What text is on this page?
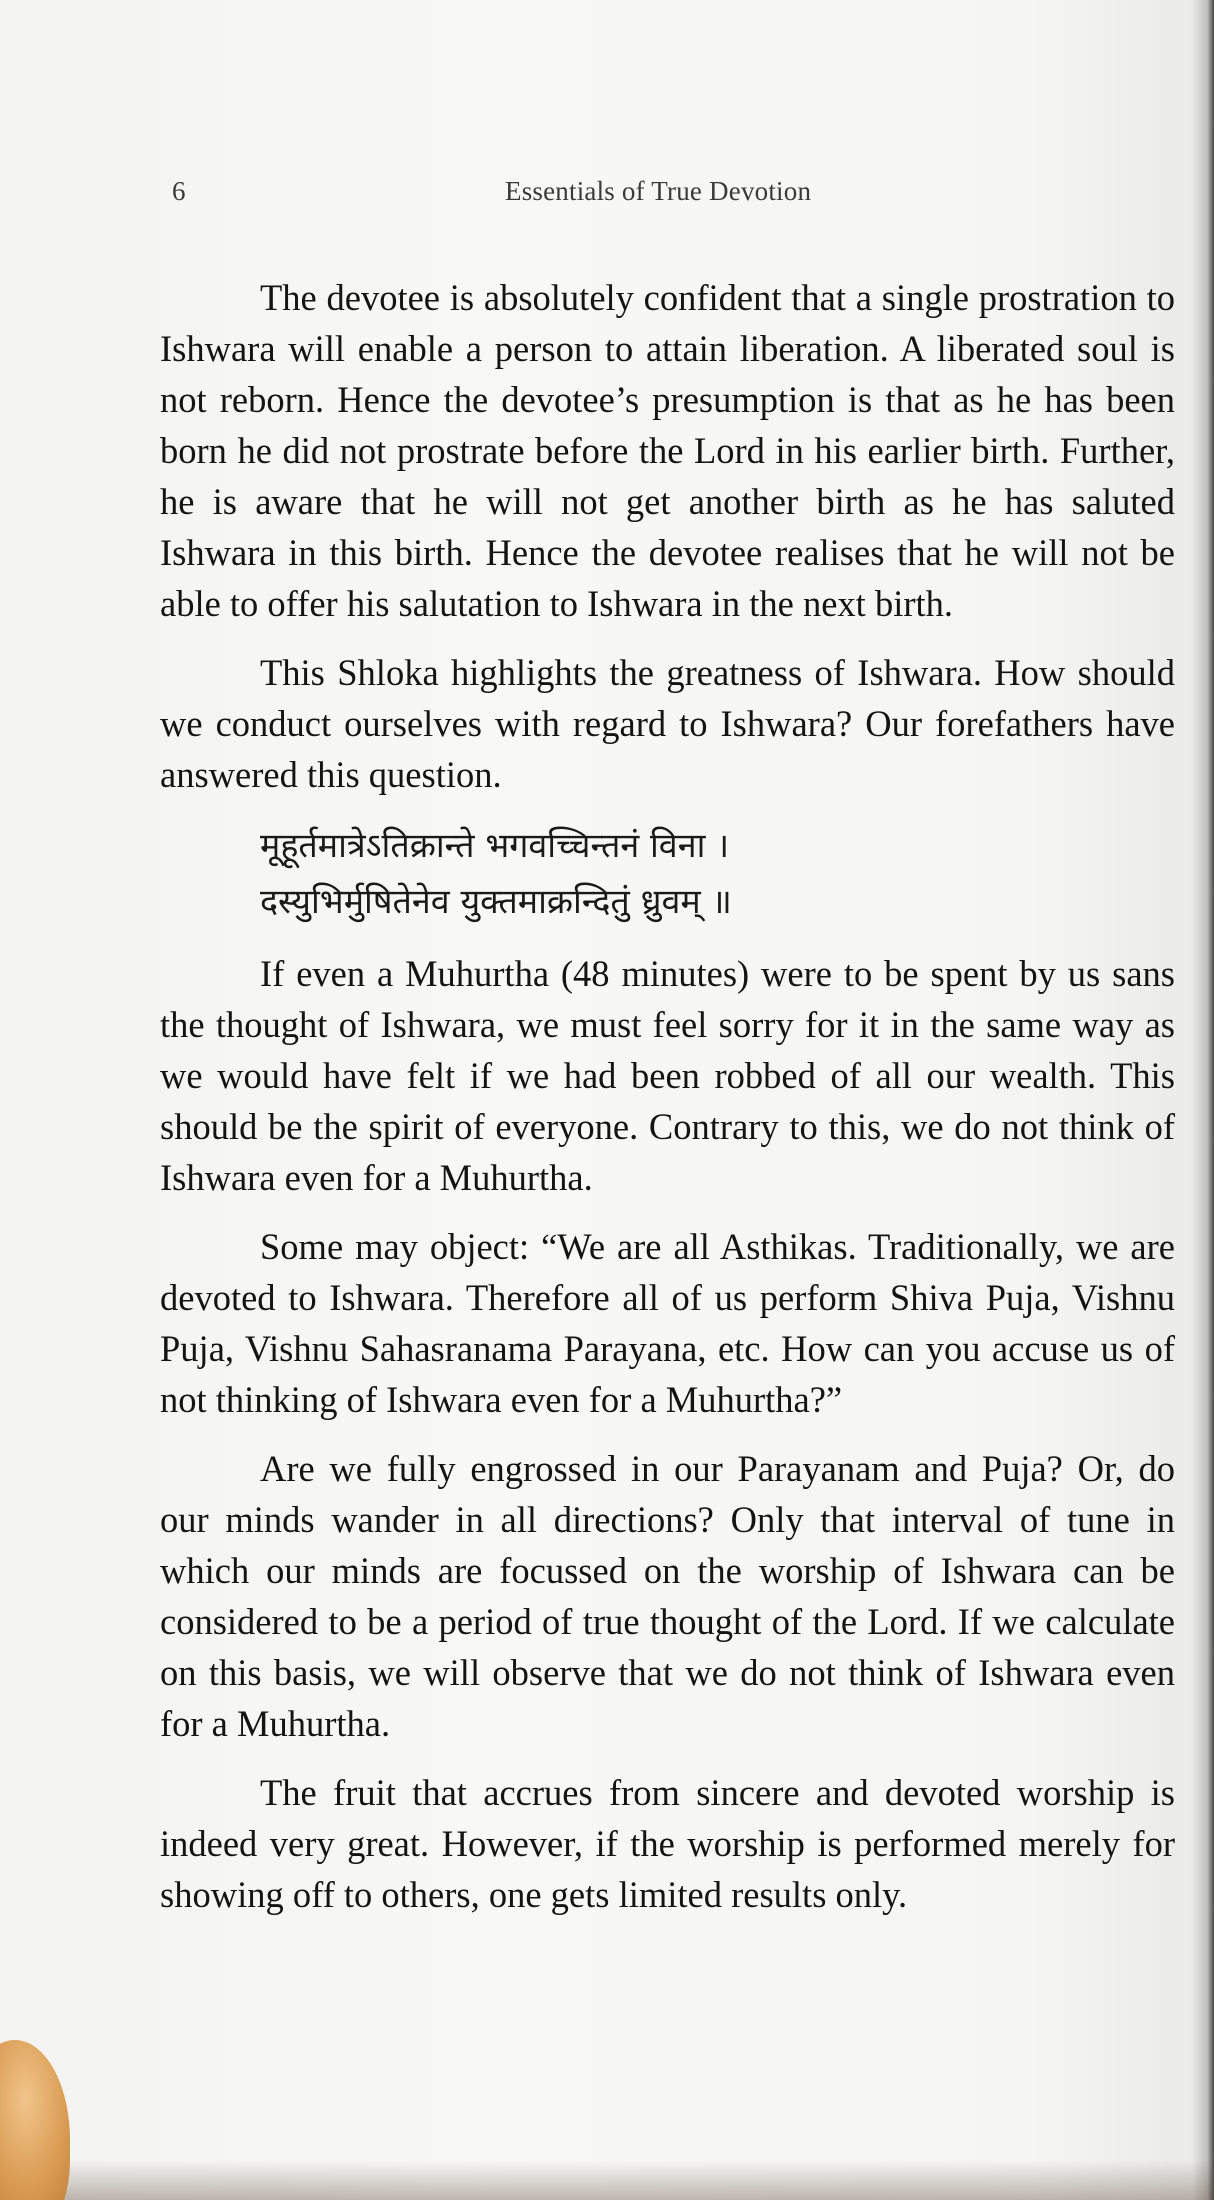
6	Essentials of True Devotion

The devotee is absolutely confident that a single prostration to Ishwara will enable a person to attain liberation. A liberated soul is not reborn. Hence the devotee’s presumption is that as he has been born he did not prostrate before the Lord in his earlier birth. Further, he is aware that he will not get another birth as he has saluted Ishwara in this birth. Hence the devotee realises that he will not be able to offer his salutation to Ishwara in the next birth.

This Shloka highlights the greatness of Ishwara. How should we conduct ourselves with regard to Ishwara? Our forefathers have answered this question.

मूहूर्तमात्रेऽतिक्रान्ते भगवच्चिन्तनं विना ।
दस्युभिर्मुषितेनेव युक्तमाक्रन्दितुं ध्रुवम् ॥

If even a Muhurtha (48 minutes) were to be spent by us sans the thought of Ishwara, we must feel sorry for it in the same way as we would have felt if we had been robbed of all our wealth. This should be the spirit of everyone. Contrary to this, we do not think of Ishwara even for a Muhurtha.

Some may object: “We are all Asthikas. Traditionally, we are devoted to Ishwara. Therefore all of us perform Shiva Puja, Vishnu Puja, Vishnu Sahasranama Parayana, etc. How can you accuse us of not thinking of Ishwara even for a Muhurtha?”

Are we fully engrossed in our Parayanam and Puja? Or, do our minds wander in all directions? Only that interval of tune in which our minds are focussed on the worship of Ishwara can be considered to be a period of true thought of the Lord. If we calculate on this basis, we will observe that we do not think of Ishwara even for a Muhurtha.

The fruit that accrues from sincere and devoted worship is indeed very great. However, if the worship is performed merely for showing off to others, one gets limited results only.
